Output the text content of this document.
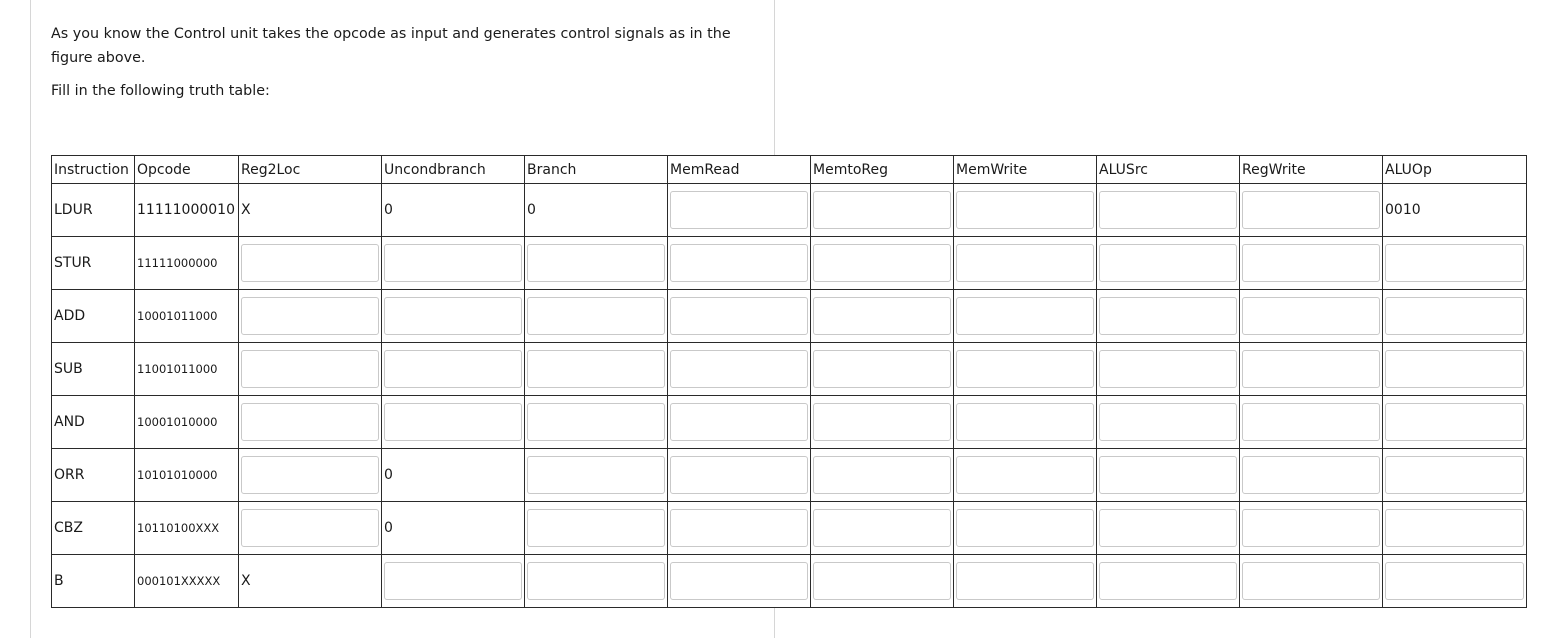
As you know the Control unit takes the opcode as input and generates control signals as in the figure above.

Fill in the following truth table:

Instruction	Opcode	Reg2Loc	Uncondbranch	Branch	MemRead	MemtoReg	MemWrite	ALUSrc	RegWrite	ALUOp
LDUR	11111000010	X	0	0						0010
STUR	11111000000	

ADD	10001011000	

SUB	11001011000	

AND	10001010000	

ORR	10101010000		0	

CBZ	10110100XXX		0	

B	000101XXXXX	X	
